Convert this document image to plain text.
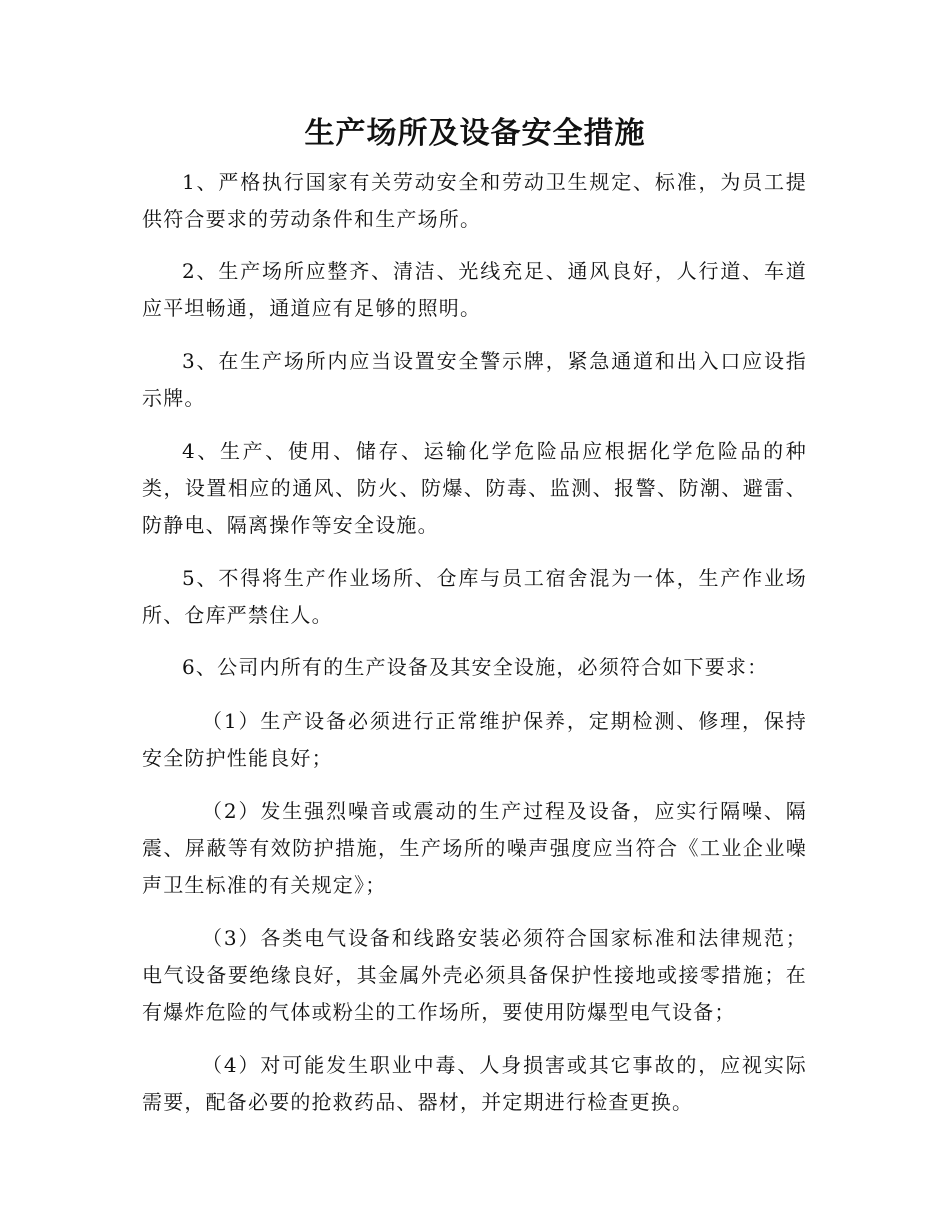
生产场所及设备安全措施

1、严格执行国家有关劳动安全和劳动卫生规定、标准，为员工提供符合要求的劳动条件和生产场所。

2、生产场所应整齐、清洁、光线充足、通风良好，人行道、车道应平坦畅通，通道应有足够的照明。

3、在生产场所内应当设置安全警示牌，紧急通道和出入口应设指示牌。

4、生产、使用、储存、运输化学危险品应根据化学危险品的种类，设置相应的通风、防火、防爆、防毒、监测、报警、防潮、避雷、防静电、隔离操作等安全设施。

5、不得将生产作业场所、仓库与员工宿舍混为一体，生产作业场所、仓库严禁住人。

6、公司内所有的生产设备及其安全设施，必须符合如下要求：

（1）生产设备必须进行正常维护保养，定期检测、修理，保持安全防护性能良好；

（2）发生强烈噪音或震动的生产过程及设备，应实行隔噪、隔震、屏蔽等有效防护措施，生产场所的噪声强度应当符合《工业企业噪声卫生标准的有关规定》；

（3）各类电气设备和线路安装必须符合国家标准和法律规范；电气设备要绝缘良好，其金属外壳必须具备保护性接地或接零措施；在有爆炸危险的气体或粉尘的工作场所，要使用防爆型电气设备；

（4）对可能发生职业中毒、人身损害或其它事故的，应视实际需要，配备必要的抢救药品、器材，并定期进行检查更换。
